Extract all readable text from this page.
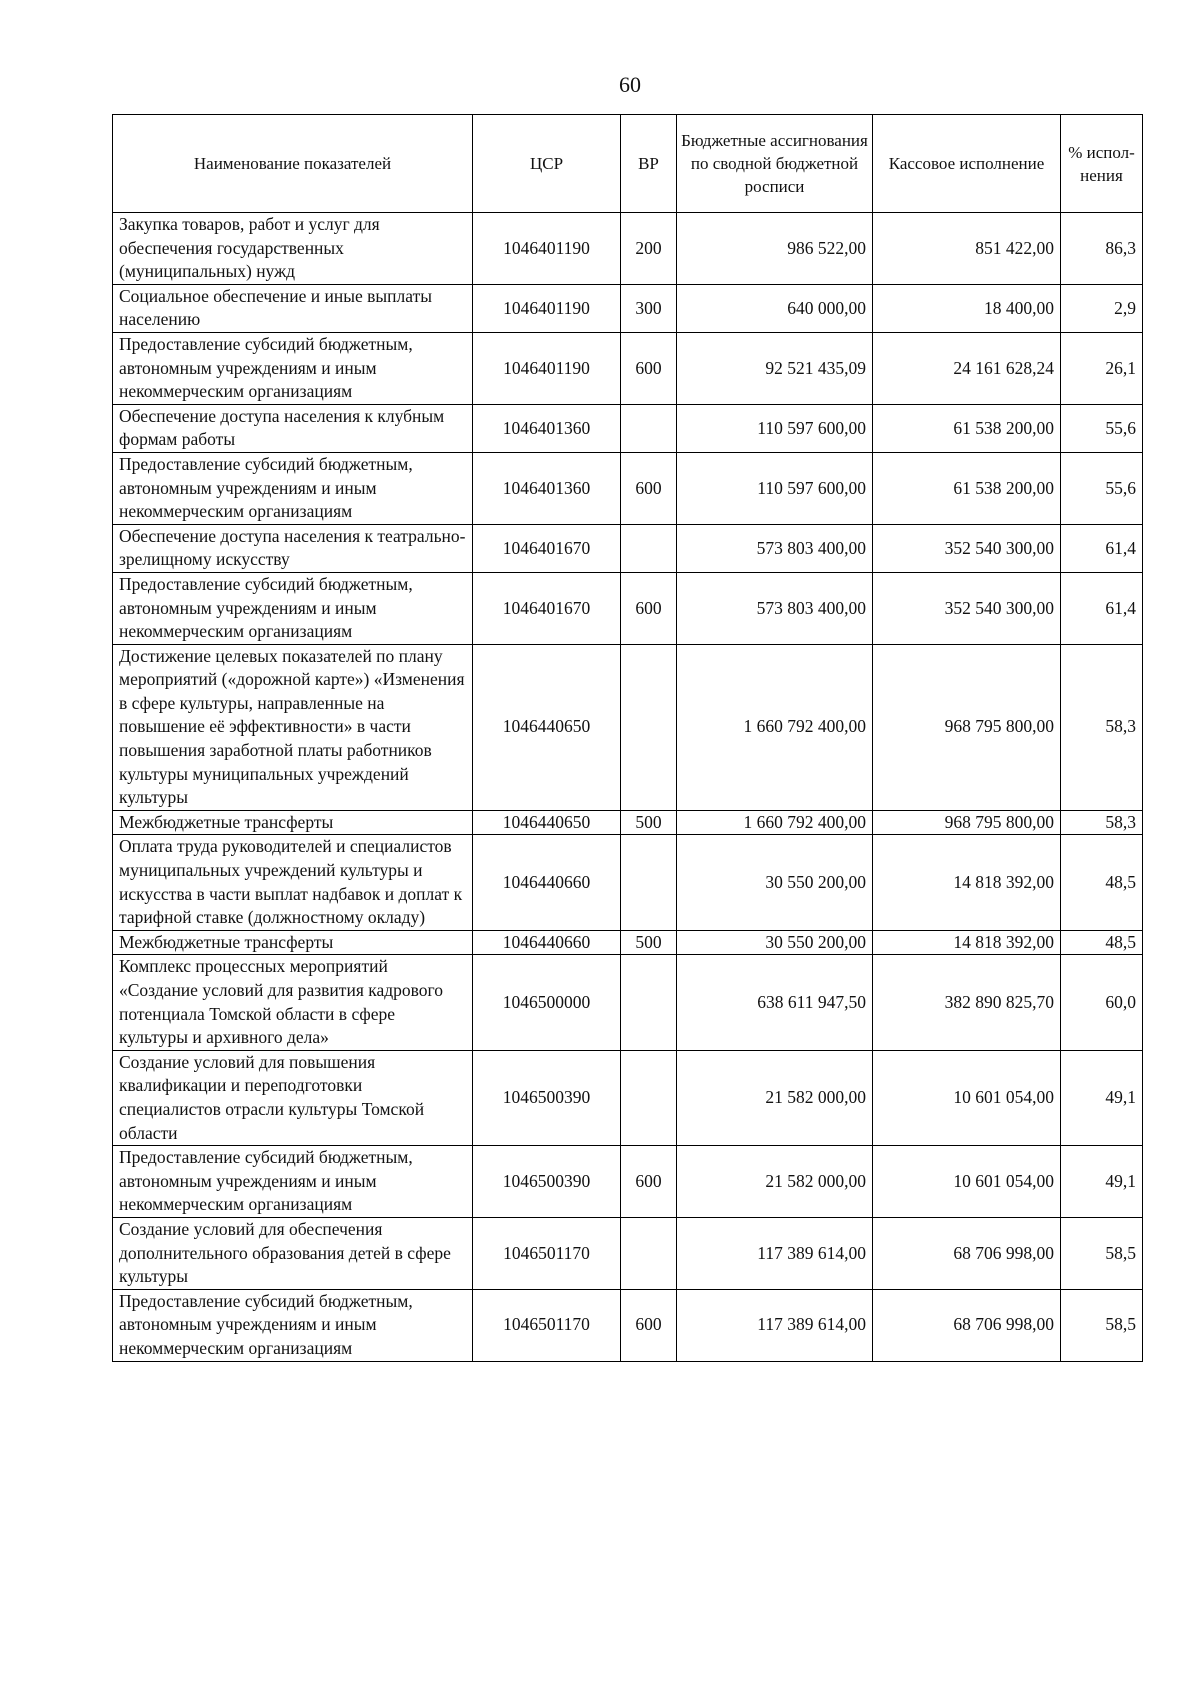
60
Наименование показателей	ЦСР	ВР	Бюджетные ассигнования по сводной бюджетной росписи	Кассовое исполнение	% испол-нения
Закупка товаров, работ и услуг для обеспечения государственных (муниципальных) нужд	1046401190	200	986 522,00	851 422,00	86,3
Социальное обеспечение и иные выплаты населению	1046401190	300	640 000,00	18 400,00	2,9
Предоставление субсидий бюджетным, автономным учреждениям и иным некоммерческим организациям	1046401190	600	92 521 435,09	24 161 628,24	26,1
Обеспечение доступа населения к клубным формам работы	1046401360		110 597 600,00	61 538 200,00	55,6
Предоставление субсидий бюджетным, автономным учреждениям и иным некоммерческим организациям	1046401360	600	110 597 600,00	61 538 200,00	55,6
Обеспечение доступа населения к театрально-зрелищному искусству	1046401670		573 803 400,00	352 540 300,00	61,4
Предоставление субсидий бюджетным, автономным учреждениям и иным некоммерческим организациям	1046401670	600	573 803 400,00	352 540 300,00	61,4
Достижение целевых показателей по плану мероприятий («дорожной карте») «Изменения в сфере культуры, направленные на повышение её эффективности» в части повышения заработной платы работников культуры муниципальных учреждений культуры	1046440650		1 660 792 400,00	968 795 800,00	58,3
Межбюджетные трансферты	1046440650	500	1 660 792 400,00	968 795 800,00	58,3
Оплата труда руководителей и специалистов муниципальных учреждений культуры и искусства в части выплат надбавок и доплат к тарифной ставке (должностному окладу)	1046440660		30 550 200,00	14 818 392,00	48,5
Межбюджетные трансферты	1046440660	500	30 550 200,00	14 818 392,00	48,5
Комплекс процессных мероприятий «Создание условий для развития кадрового потенциала Томской области в сфере культуры и архивного дела»	1046500000		638 611 947,50	382 890 825,70	60,0
Создание условий для повышения квалификации и переподготовки специалистов отрасли культуры Томской области	1046500390		21 582 000,00	10 601 054,00	49,1
Предоставление субсидий бюджетным, автономным учреждениям и иным некоммерческим организациям	1046500390	600	21 582 000,00	10 601 054,00	49,1
Создание условий для обеспечения дополнительного образования детей в сфере культуры	1046501170		117 389 614,00	68 706 998,00	58,5
Предоставление субсидий бюджетным, автономным учреждениям и иным некоммерческим организациям	1046501170	600	117 389 614,00	68 706 998,00	58,5
